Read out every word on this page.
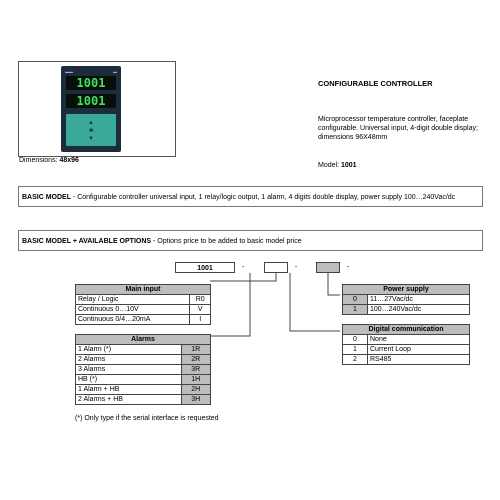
▬▬	▬
1001
1001
▲
■
▼
Dimensions: 48x96
CONFIGURABLE CONTROLLER
Microprocessor temperature controller, faceplate configurable. Universal input, 4-digit double display; dimensions 96X48mm
Model: 1001
BASIC MODEL - Configurable controller universal input, 1 relay/logic output, 1 alarm, 4 digits double display, power supply 100…240Vac/dc
BASIC MODEL + AVAILABLE OPTIONS - Options price to be added to basic model price
1001	-	-	-
Main input	
Relay / Logic	R0
Continuous 0…10V	V
Continuous 0/4…20mA	I
Alarms	
1 Alarm (*)	1R
2 Alarms	2R
3 Alarms	3R
HB (*)	1H
1 Alarm + HB	2H
2 Alarms + HB	3H
Power supply	
0	11…27Vac/dc
1	100…240Vac/dc
Digital communication	
0	None
1	Current Loop
2	RS485
(*) Only type if the serial interface is requested
